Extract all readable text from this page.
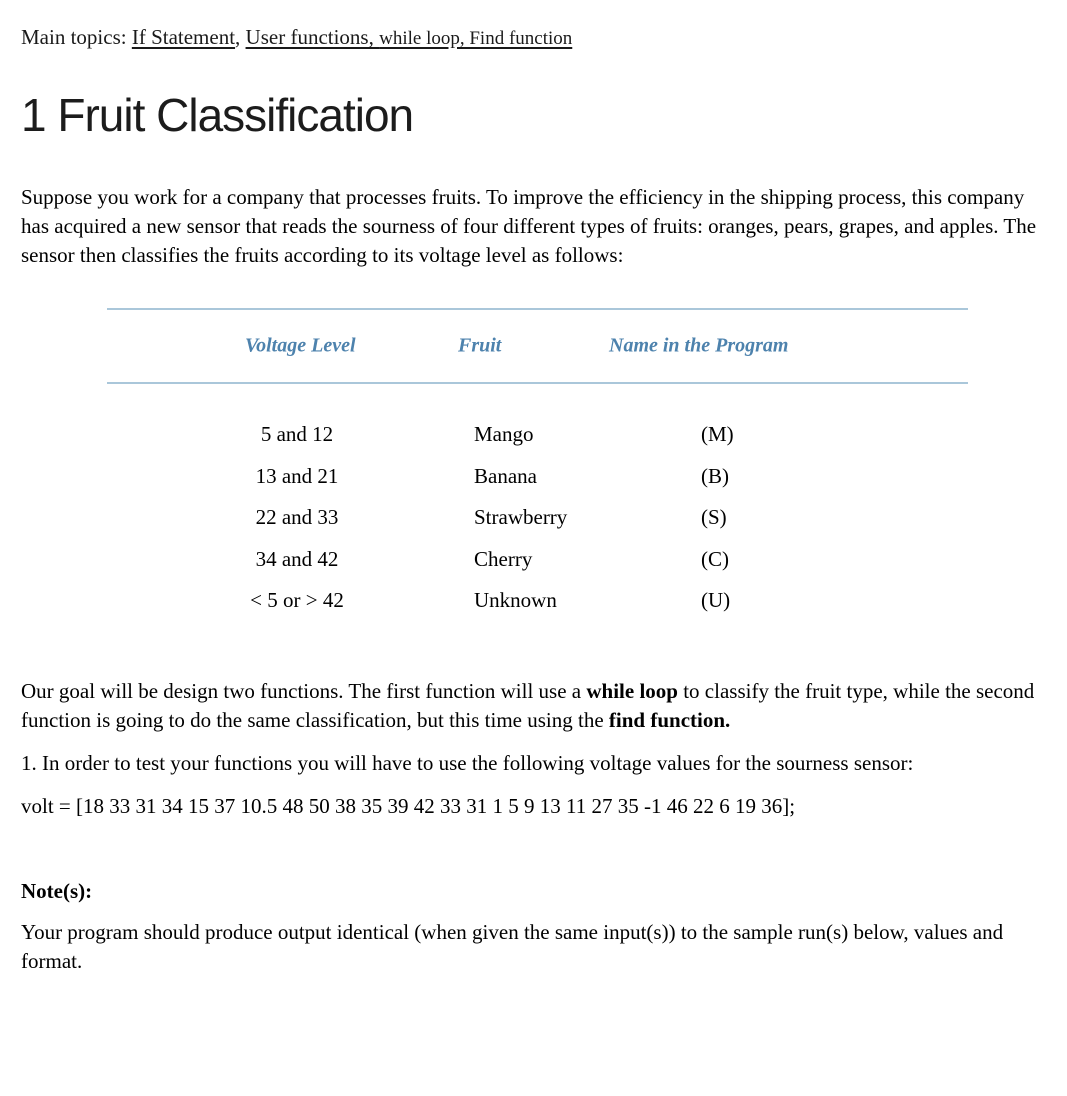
Main topics: If Statement, User functions, while loop, Find function
1 Fruit Classification

Suppose you work for a company that processes fruits. To improve the efficiency in the shipping process, this company has acquired a new sensor that reads the sourness of four different types of fruits: oranges, pears, grapes, and apples. The sensor then classifies the fruits according to its voltage level as follows:

Voltage Level	Fruit	Name in the Program
5 and 12	Mango	(M)
13 and 21	Banana	(B)
22 and 33	Strawberry	(S)
34 and 42	Cherry	(C)
< 5 or > 42	Unknown	(U)

Our goal will be design two functions. The first function will use a while loop to classify the fruit type, while the second function is going to do the same classification, but this time using the find function.

1. In order to test your functions you will have to use the following voltage values for the sourness sensor:

volt = [18 33 31 34 15 37 10.5 48 50 38 35 39 42 33 31 1 5 9 13 11 27 35 -1 46 22 6 19 36];

Note(s):

Your program should produce output identical (when given the same input(s)) to the sample run(s) below, values and format.
